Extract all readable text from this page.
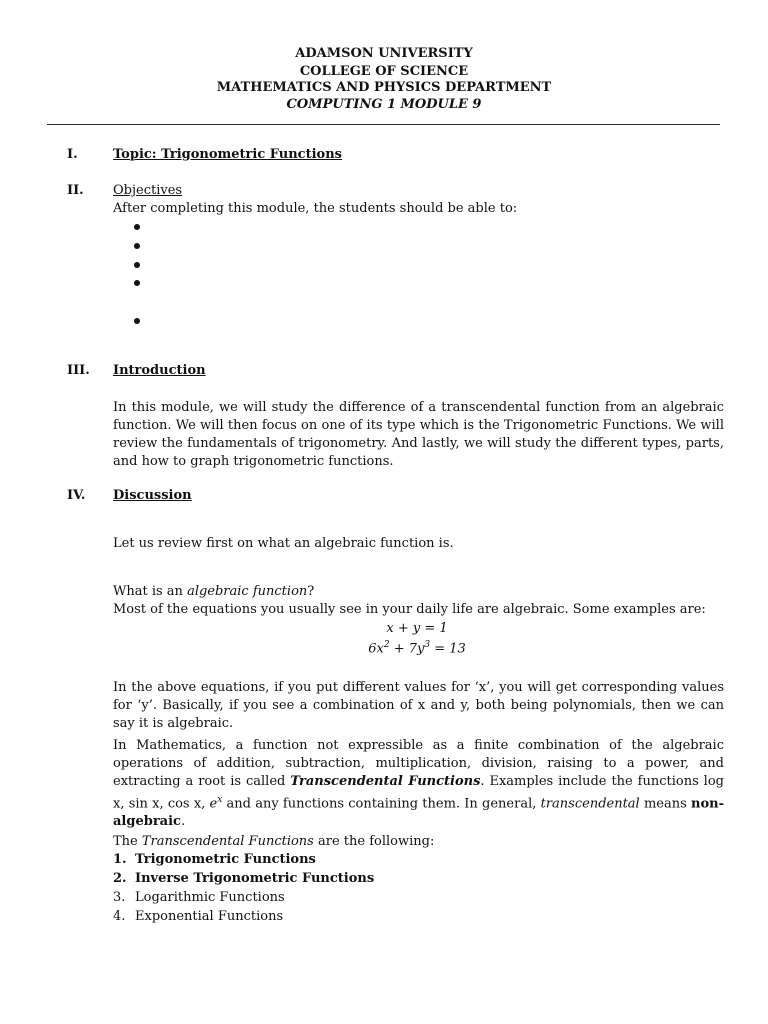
ADAMSON UNIVERSITY
COLLEGE OF SCIENCE
MATHEMATICS AND PHYSICS DEPARTMENT
COMPUTING 1 MODULE 9
I.	Topic: Trigonometric Functions
II. Objectives
After completing this module, the students should be able to:
III. Introduction
In this module, we will study the difference of a transcendental function from an algebraic function. We will then focus on one of its type which is the Trigonometric Functions. We will review the fundamentals of trigonometry. And lastly, we will study the different types, parts, and how to graph trigonometric functions.
IV. Discussion
Let us review first on what an algebraic function is.
What is an algebraic function?
Most of the equations you usually see in your daily life are algebraic. Some examples are:
x + y = 1
$6x^2 + 7y^3 = 13$
In the above equations, if you put different values for ‘x’, you will get corresponding values for ‘y’. Basically, if you see a combination of x and y, both being polynomials, then we can say it is algebraic.
In Mathematics, a function not expressible as a finite combination of the algebraic operations of addition, subtraction, multiplication, division, raising to a power, and extracting a root is called Transcendental Functions. Examples include the functions log x, sin x, cos x, $e^x$ and any functions containing them. In general, transcendental means non-algebraic.
The Transcendental Functions are the following:
1. Trigonometric Functions
2. Inverse Trigonometric Functions
3. Logarithmic Functions
4. Exponential Functions
